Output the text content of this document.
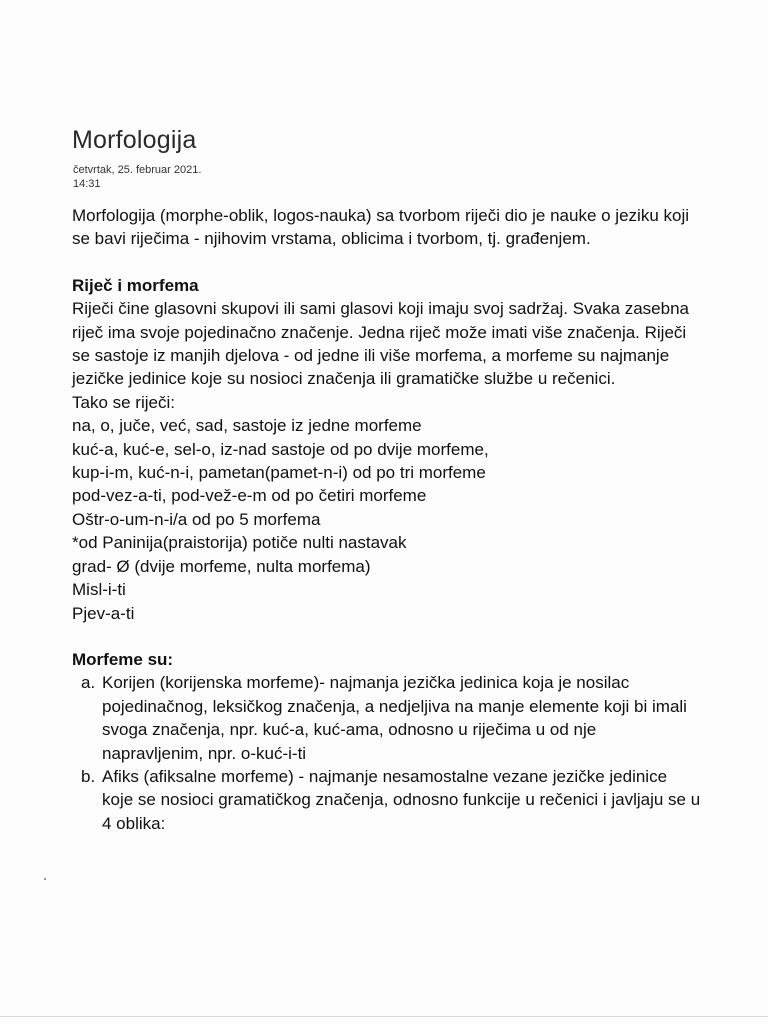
Morfologija
četvrtak, 25. februar 2021.
14:31

Morfologija (morphe-oblik, logos-nauka) sa tvorbom riječi dio je nauke o jeziku koji se bavi riječima - njihovim vrstama, oblicima i tvorbom, tj. građenjem.

Riječ i morfema

Riječi čine glasovni skupovi ili sami glasovi koji imaju svoj sadržaj. Svaka zasebna riječ ima svoje pojedinačno značenje. Jedna riječ može imati više značenja. Riječi se sastoje iz manjih djelova - od jedne ili više morfema, a morfeme su najmanje jezičke jedinice koje su nosioci značenja ili gramatičke službe u rečenici.

Tako se riječi:
na, o, juče, već, sad, sastoje iz jedne morfeme
kuć-a, kuć-e, sel-o, iz-nad sastoje od po dvije morfeme,
kup-i-m, kuć-n-i, pametan(pamet-n-i) od po tri morfeme
pod-vez-a-ti, pod-vež-e-m od po četiri morfeme
Oštr-o-um-n-i/a od po 5 morfema
*od Paninija(praistorija) potiče nulti nastavak
grad- Ø (dvije morfeme, nulta morfema)
Misl-i-ti
Pjev-a-ti

Morfeme su:

a. Korijen (korijenska morfeme)- najmanja jezička jedinica koja je nosilac pojedinačnog, leksičkog značenja, a nedjeljiva na manje elemente koji bi imali svoga značenja, npr. kuć-a, kuć-ama, odnosno u riječima u od nje napravljenim, npr. o-kuć-i-ti
b. Afiks (afiksalne morfeme) - najmanje nesamostalne vezane jezičke jedinice koje se nosioci gramatičkog značenja, odnosno funkcije u rečenici i javljaju se u 4 oblika:
